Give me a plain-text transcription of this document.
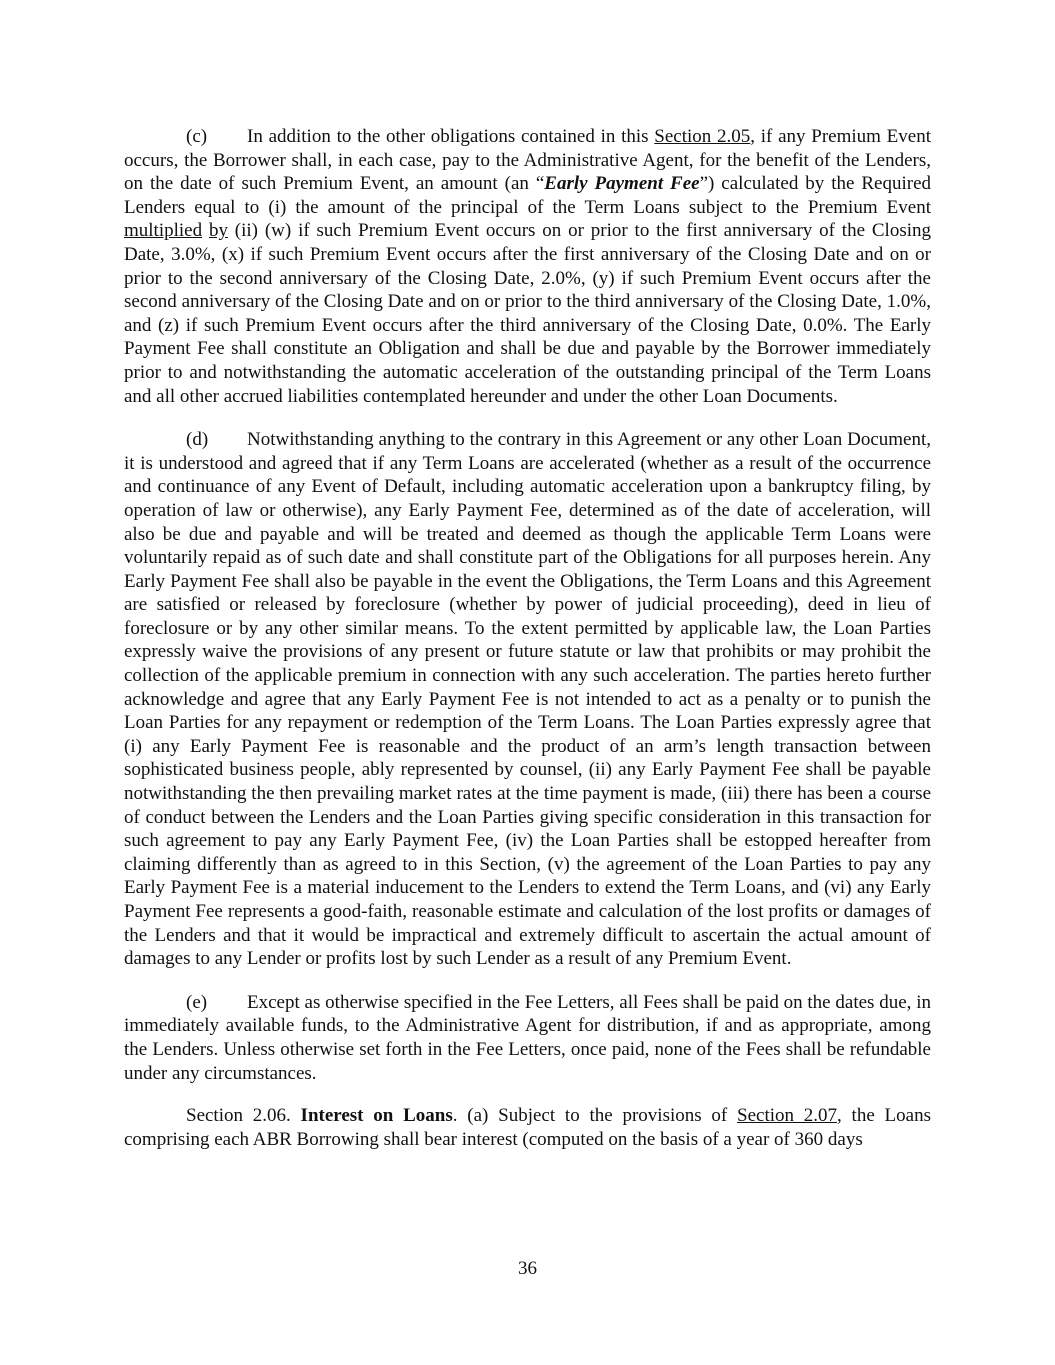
(c) In addition to the other obligations contained in this Section 2.05, if any Premium Event occurs, the Borrower shall, in each case, pay to the Administrative Agent, for the benefit of the Lenders, on the date of such Premium Event, an amount (an “Early Payment Fee”) calculated by the Required Lenders equal to (i) the amount of the principal of the Term Loans subject to the Premium Event multiplied by (ii) (w) if such Premium Event occurs on or prior to the first anniversary of the Closing Date, 3.0%, (x) if such Premium Event occurs after the first anniversary of the Closing Date and on or prior to the second anniversary of the Closing Date, 2.0%, (y) if such Premium Event occurs after the second anniversary of the Closing Date and on or prior to the third anniversary of the Closing Date, 1.0%, and (z) if such Premium Event occurs after the third anniversary of the Closing Date, 0.0%. The Early Payment Fee shall constitute an Obligation and shall be due and payable by the Borrower immediately prior to and notwithstanding the automatic acceleration of the outstanding principal of the Term Loans and all other accrued liabilities contemplated hereunder and under the other Loan Documents.

(d) Notwithstanding anything to the contrary in this Agreement or any other Loan Document, it is understood and agreed that if any Term Loans are accelerated (whether as a result of the occurrence and continuance of any Event of Default, including automatic acceleration upon a bankruptcy filing, by operation of law or otherwise), any Early Payment Fee, determined as of the date of acceleration, will also be due and payable and will be treated and deemed as though the applicable Term Loans were voluntarily repaid as of such date and shall constitute part of the Obligations for all purposes herein. Any Early Payment Fee shall also be payable in the event the Obligations, the Term Loans and this Agreement are satisfied or released by foreclosure (whether by power of judicial proceeding), deed in lieu of foreclosure or by any other similar means. To the extent permitted by applicable law, the Loan Parties expressly waive the provisions of any present or future statute or law that prohibits or may prohibit the collection of the applicable premium in connection with any such acceleration. The parties hereto further acknowledge and agree that any Early Payment Fee is not intended to act as a penalty or to punish the Loan Parties for any repayment or redemption of the Term Loans. The Loan Parties expressly agree that (i) any Early Payment Fee is reasonable and the product of an arm’s length transaction between sophisticated business people, ably represented by counsel, (ii) any Early Payment Fee shall be payable notwithstanding the then prevailing market rates at the time payment is made, (iii) there has been a course of conduct between the Lenders and the Loan Parties giving specific consideration in this transaction for such agreement to pay any Early Payment Fee, (iv) the Loan Parties shall be estopped hereafter from claiming differently than as agreed to in this Section, (v) the agreement of the Loan Parties to pay any Early Payment Fee is a material inducement to the Lenders to extend the Term Loans, and (vi) any Early Payment Fee represents a good-faith, reasonable estimate and calculation of the lost profits or damages of the Lenders and that it would be impractical and extremely difficult to ascertain the actual amount of damages to any Lender or profits lost by such Lender as a result of any Premium Event.

(e) Except as otherwise specified in the Fee Letters, all Fees shall be paid on the dates due, in immediately available funds, to the Administrative Agent for distribution, if and as appropriate, among the Lenders. Unless otherwise set forth in the Fee Letters, once paid, none of the Fees shall be refundable under any circumstances.

Section 2.06. Interest on Loans. (a) Subject to the provisions of Section 2.07, the Loans comprising each ABR Borrowing shall bear interest (computed on the basis of a year of 360 days

36
